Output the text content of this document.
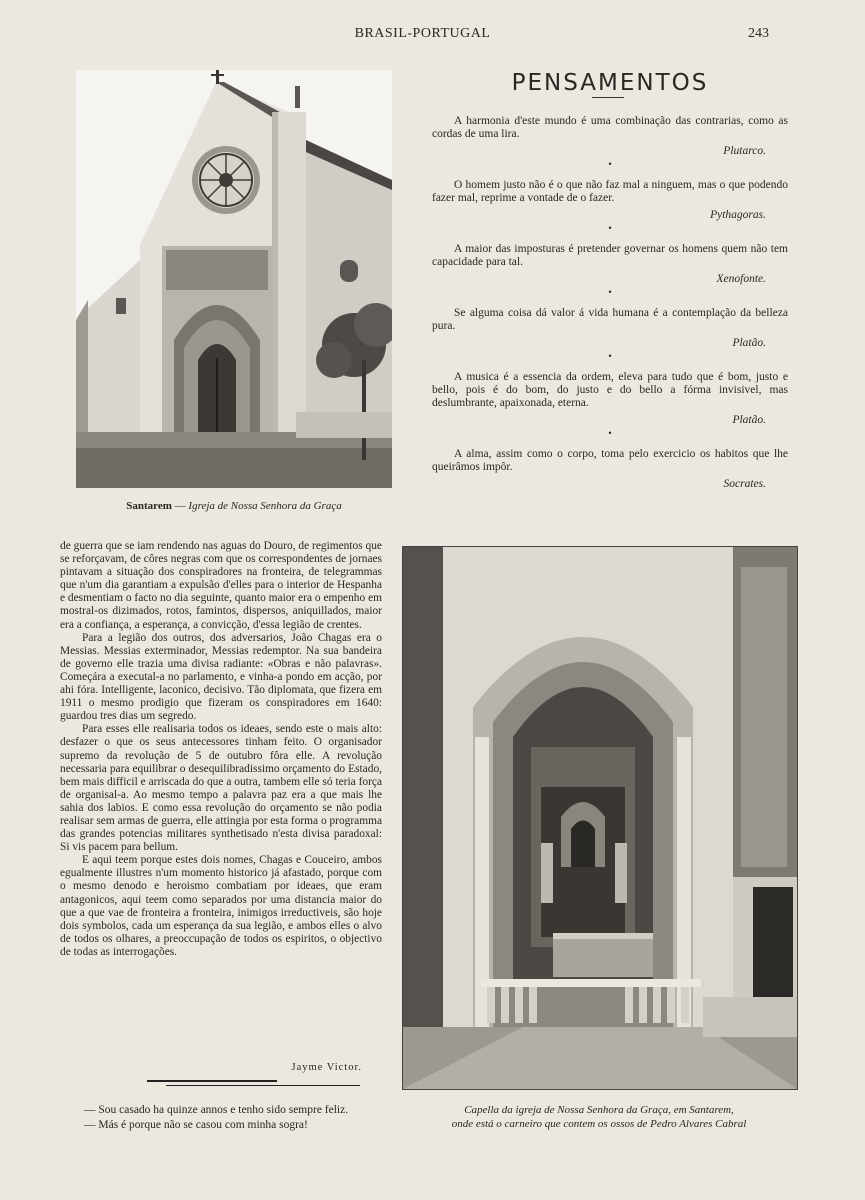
BRASIL-PORTUGAL	243
PENSAMENTOS

A harmonia d'este mundo é uma combinação das contrarias, como as cordas de uma lira.

Plutarco.

•

O homem justo não é o que não faz mal a ninguem, mas o que podendo fazer mal, reprime a vontade de o fazer.

Pythagoras.

•

A maior das imposturas é pretender governar os homens quem não tem capacidade para tal.

Xenofonte.

•

Se alguma coisa dá valor á vida humana é a contemplação da belleza pura.

Platão.

•

A musica é a essencia da ordem, eleva para tudo que é bom, justo e bello, pois é do bom, do justo e do bello a fórma invisivel, mas deslumbrante, apaixonada, eterna.

Platão.

•

A alma, assim como o corpo, toma pelo exercicio os habitos que lhe queirâmos impôr.

Socrates.

Santarem — Igreja de Nossa Senhora da Graça
Capella da igreja de Nossa Senhora da Graça, em Santarem,
onde está o carneiro que contem os ossos de Pedro Alvares Cabral

de guerra que se iam rendendo nas aguas do Douro, de regimentos que se reforçavam, de côres negras com que os correspondentes de jornaes pintavam a situação dos conspiradores na fronteira, de telegrammas que n'um dia garantiam a expulsão d'elles para o interior de Hespanha e desmentiam o facto no dia seguinte, quanto maior era o empenho em mostral-os dizimados, rotos, famintos, dispersos, aniquillados, maior era a confiança, a esperança, a convicção, d'essa legião de crentes.

Para a legião dos outros, dos adversarios, João Chagas era o Messias. Messias exterminador, Messias redemptor. Na sua bandeira de governo elle trazia uma divisa radiante: «Obras e não palavras». Começára a executal-a no parlamento, e vinha-a pondo em acção, por ahi fóra. Intelligente, laconico, decisivo. Tão diplomata, que fizera em 1911 o mesmo prodigio que fizeram os conspiradores em 1640: guardou tres dias um segredo.

Para esses elle realisaria todos os ideaes, sendo este o mais alto: desfazer o que os seus antecessores tinham feito. O organisador supremo da revolução de 5 de outubro fôra elle. A revolução necessaria para equilibrar o desequilibradissimo orçamento do Estado, bem mais difficil e arriscada do que a outra, tambem elle só teria força de organisal-a. Ao mesmo tempo a palavra paz era a que mais lhe sahia dos labios. E como essa revolução do orçamento se não podia realisar sem armas de guerra, elle attingia por esta forma o programma das grandes potencias militares synthetisado n'esta divisa paradoxal: Si vis pacem para bellum.

E aqui teem porque estes dois nomes, Chagas e Couceiro, ambos egualmente illustres n'um momento historico já afastado, porque com o mesmo denodo e heroismo combatiam por ideaes, que eram antagonicos, aqui teem como separados por uma distancia maior do que a que vae de fronteira a fronteira, inimigos irreductiveis, são hoje dois symbolos, cada um esperança da sua legião, e ambos elles o alvo de todos os olhares, a preoccupação de todos os espiritos, o objectivo de todas as interrogações.

Jayme Victor.
— Sou casado ha quinze annos e tenho sido sempre feliz.
— Más é porque não se casou com minha sogra!
